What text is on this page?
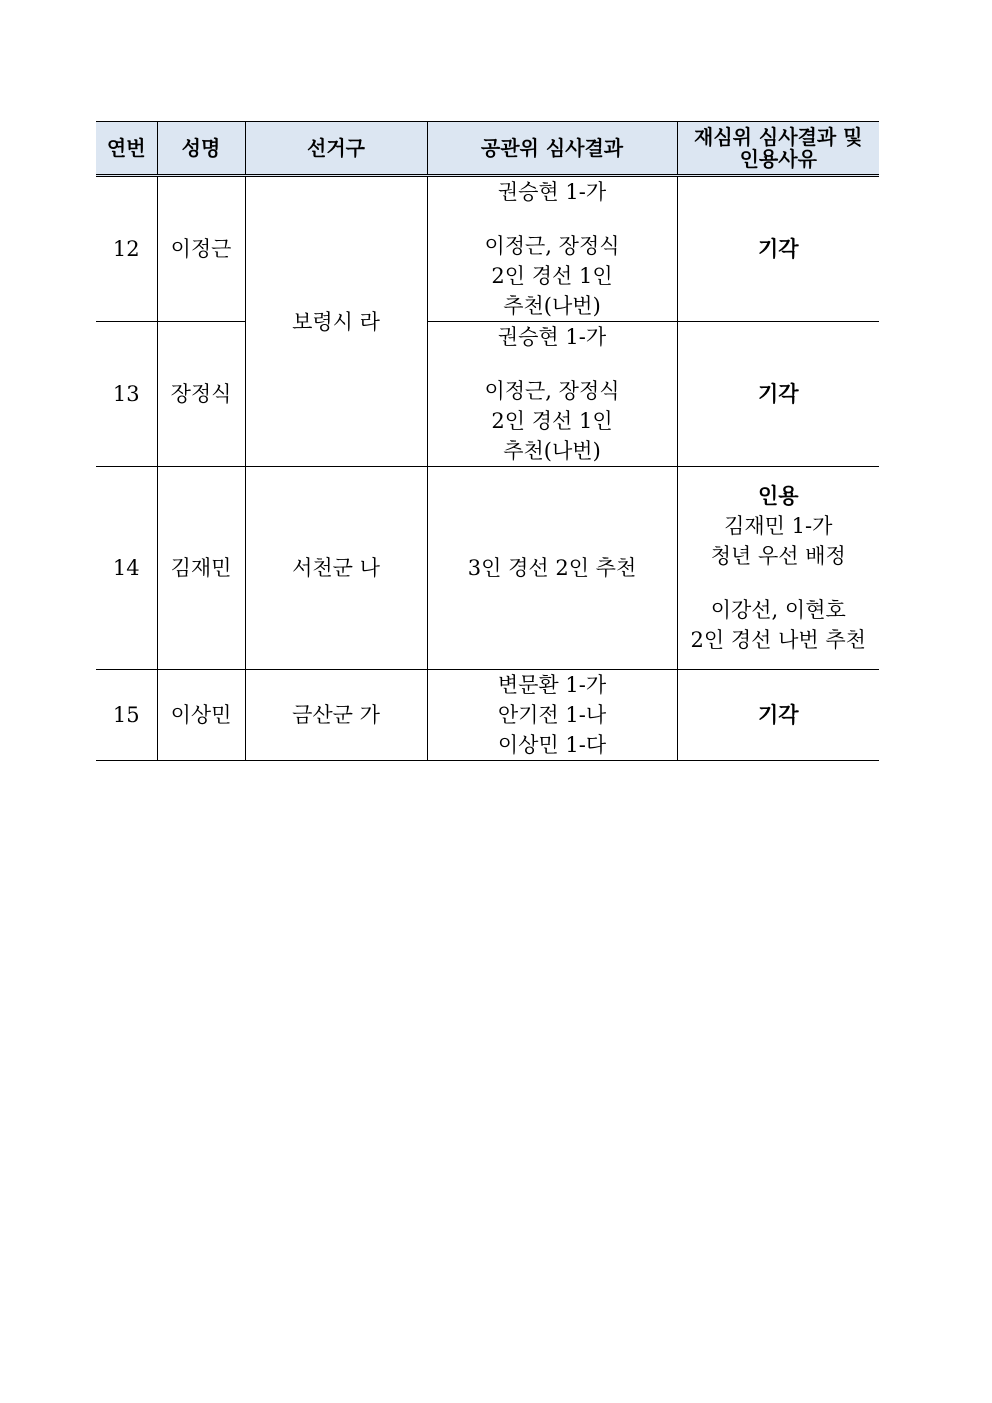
연번	성명	선거구	공관위 심사결과	재심위 심사결과 및
인용사유

12	이정근	보령시 라	권승현 1-가
이정근, 장정식
2인 경선 1인
추천(나번)	기각
13	장정식		권승현 1-가
이정근, 장정식
2인 경선 1인
추천(나번)	기각
14	김재민	서천군 나	3인 경선 2인 추천	인용
김재민 1-가
청년 우선 배정
이강선, 이현호
2인 경선 나번 추천

15	이상민	금산군 가	변문환 1-가
안기전 1-나
이상민 1-다	기각
